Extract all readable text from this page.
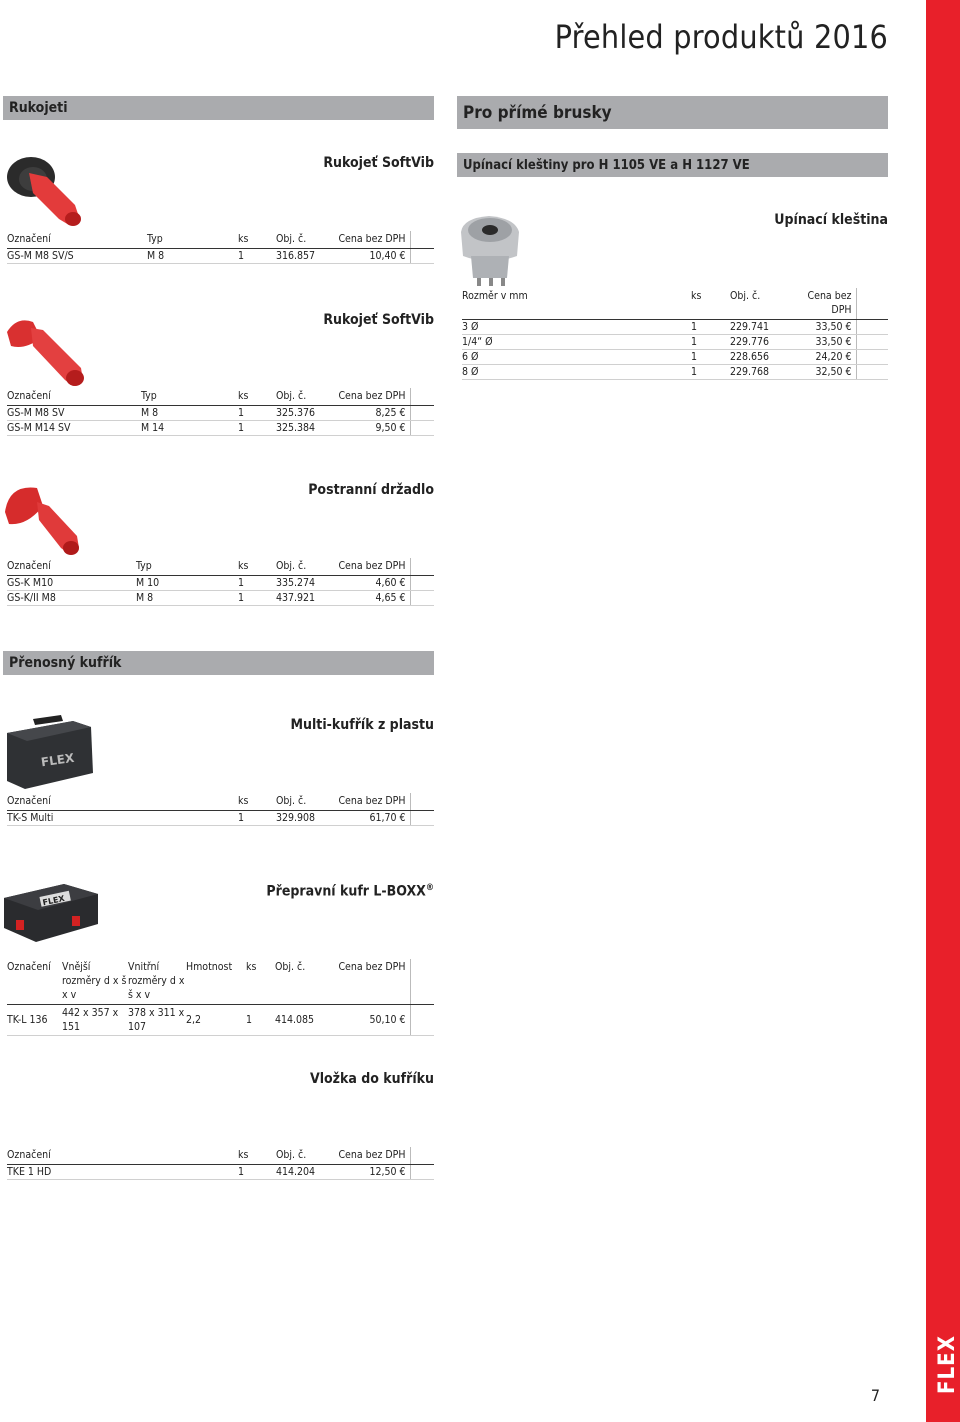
FLEX
Přehled produktů 2016
7
Rukojeti
Rukojeť SoftVib
Označení	Typ	ks	Obj. č.	Cena bez DPH	
GS-M M8 SV/S	M 8	1	316.857	10,40 €	
Rukojeť SoftVib
Označení	Typ	ks	Obj. č.	Cena bez DPH	
GS-M M8 SV	M 8	1	325.376	8,25 €	
GS-M M14 SV	M 14	1	325.384	9,50 €	
Postranní držadlo
Označení	Typ	ks	Obj. č.	Cena bez DPH	
GS-K M10	M 10	1	335.274	4,60 €	
GS-K/II M8	M 8	1	437.921	4,65 €	
Přenosný kufřík
Multi-kufřík z plastu
FLEX
Označení	ks	Obj. č.	Cena bez DPH	
TK-S Multi	1	329.908	61,70 €	
Přepravní kufr L-BOXX®
FLEX
Označení	Vnější rozměry d x š x v	Vnitřní rozměry d x š x v	Hmotnost	ks	Obj. č.	Cena bez DPH	
TK-L 136	442 x 357 x 151	378 x 311 x 107	2,2	1	414.085	50,10 €	
Vložka do kufříku
Označení	ks	Obj. č.	Cena bez DPH	
TKE 1 HD	1	414.204	12,50 €	
Pro přímé brusky
Upínací kleštiny pro H 1105 VE a H 1127 VE
Upínací kleština
Rozměr v mm	ks	Obj. č.	Cena bez DPH	
3 Ø	1	229.741	33,50 €	
1/4“ Ø	1	229.776	33,50 €	
6 Ø	1	228.656	24,20 €	
8 Ø	1	229.768	32,50 €	
